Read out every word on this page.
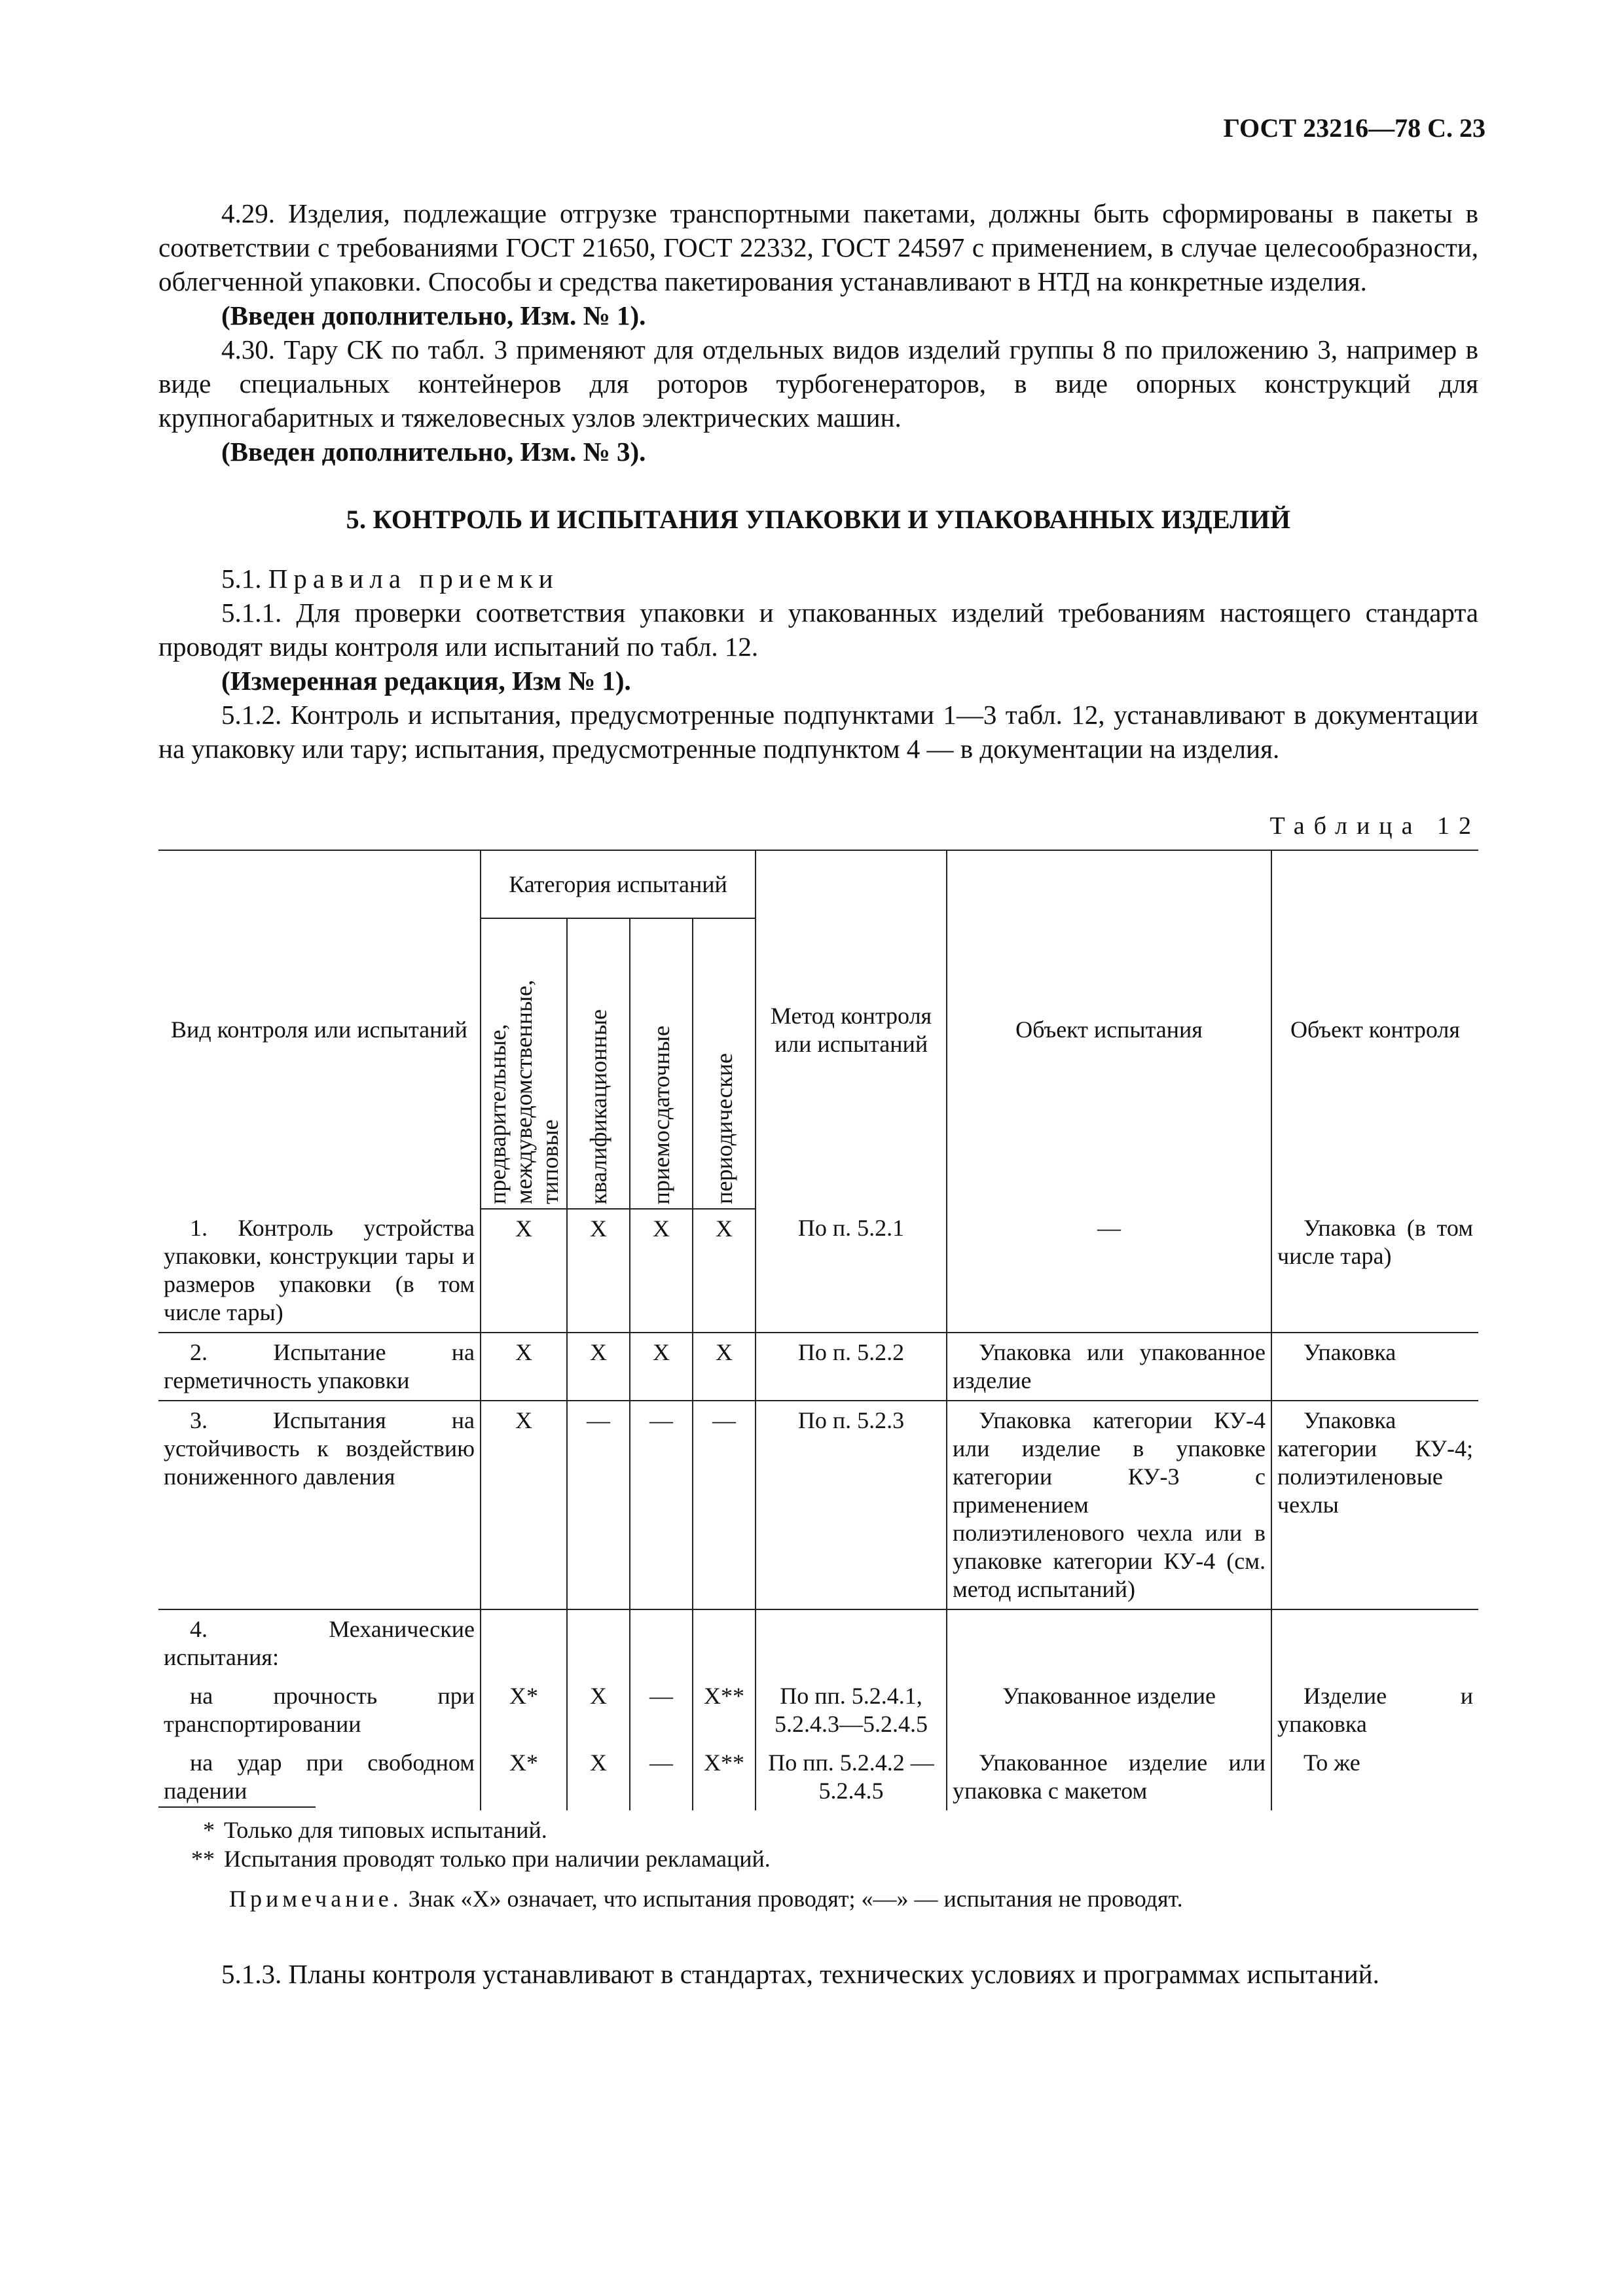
ГОСТ 23216—78 С. 23

4.29. Изделия, подлежащие отгрузке транспортными пакетами, должны быть сформированы в пакеты в соответствии с требованиями ГОСТ 21650, ГОСТ 22332, ГОСТ 24597 с применением, в случае целесообразности, облегченной упаковки. Способы и средства пакетирования устанавливают в НТД на конкретные изделия.

(Введен дополнительно, Изм. № 1).

4.30. Тару СК по табл. 3 применяют для отдельных видов изделий группы 8 по приложению 3, например в виде специальных контейнеров для роторов турбогенераторов, в виде опорных конструкций для крупногабаритных и тяжеловесных узлов электрических машин.

(Введен дополнительно, Изм. № 3).

5. КОНТРОЛЬ И ИСПЫТАНИЯ УПАКОВКИ И УПАКОВАННЫХ ИЗДЕЛИЙ

5.1. Правила приемки

5.1.1. Для проверки соответствия упаковки и упакованных изделий требованиям настоящего стандарта проводят виды контроля или испытаний по табл. 12.

(Измеренная редакция, Изм № 1).

5.1.2. Контроль и испытания, предусмотренные подпунктами 1—3 табл. 12, устанавливают в документации на упаковку или тару; испытания, предусмотренные подпунктом 4 — в документации на изделия.

Таблица 12
Вид контроля или испытаний	Категория испытаний				Метод контроля или испытаний	Объект испытания	Объект контроля

	предварительные,
междуведомственные,
типовые	квалификационные	приемосдаточные	периодические			

1. Контроль устройства упаковки, конструкции тары и размеров упаковки (в том числе тары)	X	X	X	X	По п. 5.2.1	—	Упаковка (в том числе тара)
2. Испытание на герметичность упаковки	X	X	X	X	По п. 5.2.2	Упаковка или упакованное изделие	Упаковка
3. Испытания на устойчивость к воздействию пониженного давления	X	—	—	—	По п. 5.2.3	Упаковка категории КУ-4 или изделие в упаковке категории КУ-3 с применением полиэтиленового чехла или в упаковке категории КУ-4 (см. метод испытаний)	Упаковка категории КУ-4; полиэтиленовые чехлы
4. Механические испытания:							
на прочность при транспортировании	X*	X	—	X**	По пп. 5.2.4.1, 5.2.4.3—5.2.4.5	Упакованное изделие	Изделие и упаковка
на удар при свободном падении	X*	X	—	X**	По пп. 5.2.4.2 — 5.2.4.5	Упакованное изделие или упаковка с макетом	То же
* Только для типовых испытаний.
** Испытания проводят только при наличии рекламаций.
Примечание. Знак «X» означает, что испытания проводят; «—» — испытания не проводят.

5.1.3. Планы контроля устанавливают в стандартах, технических условиях и программах испытаний.
